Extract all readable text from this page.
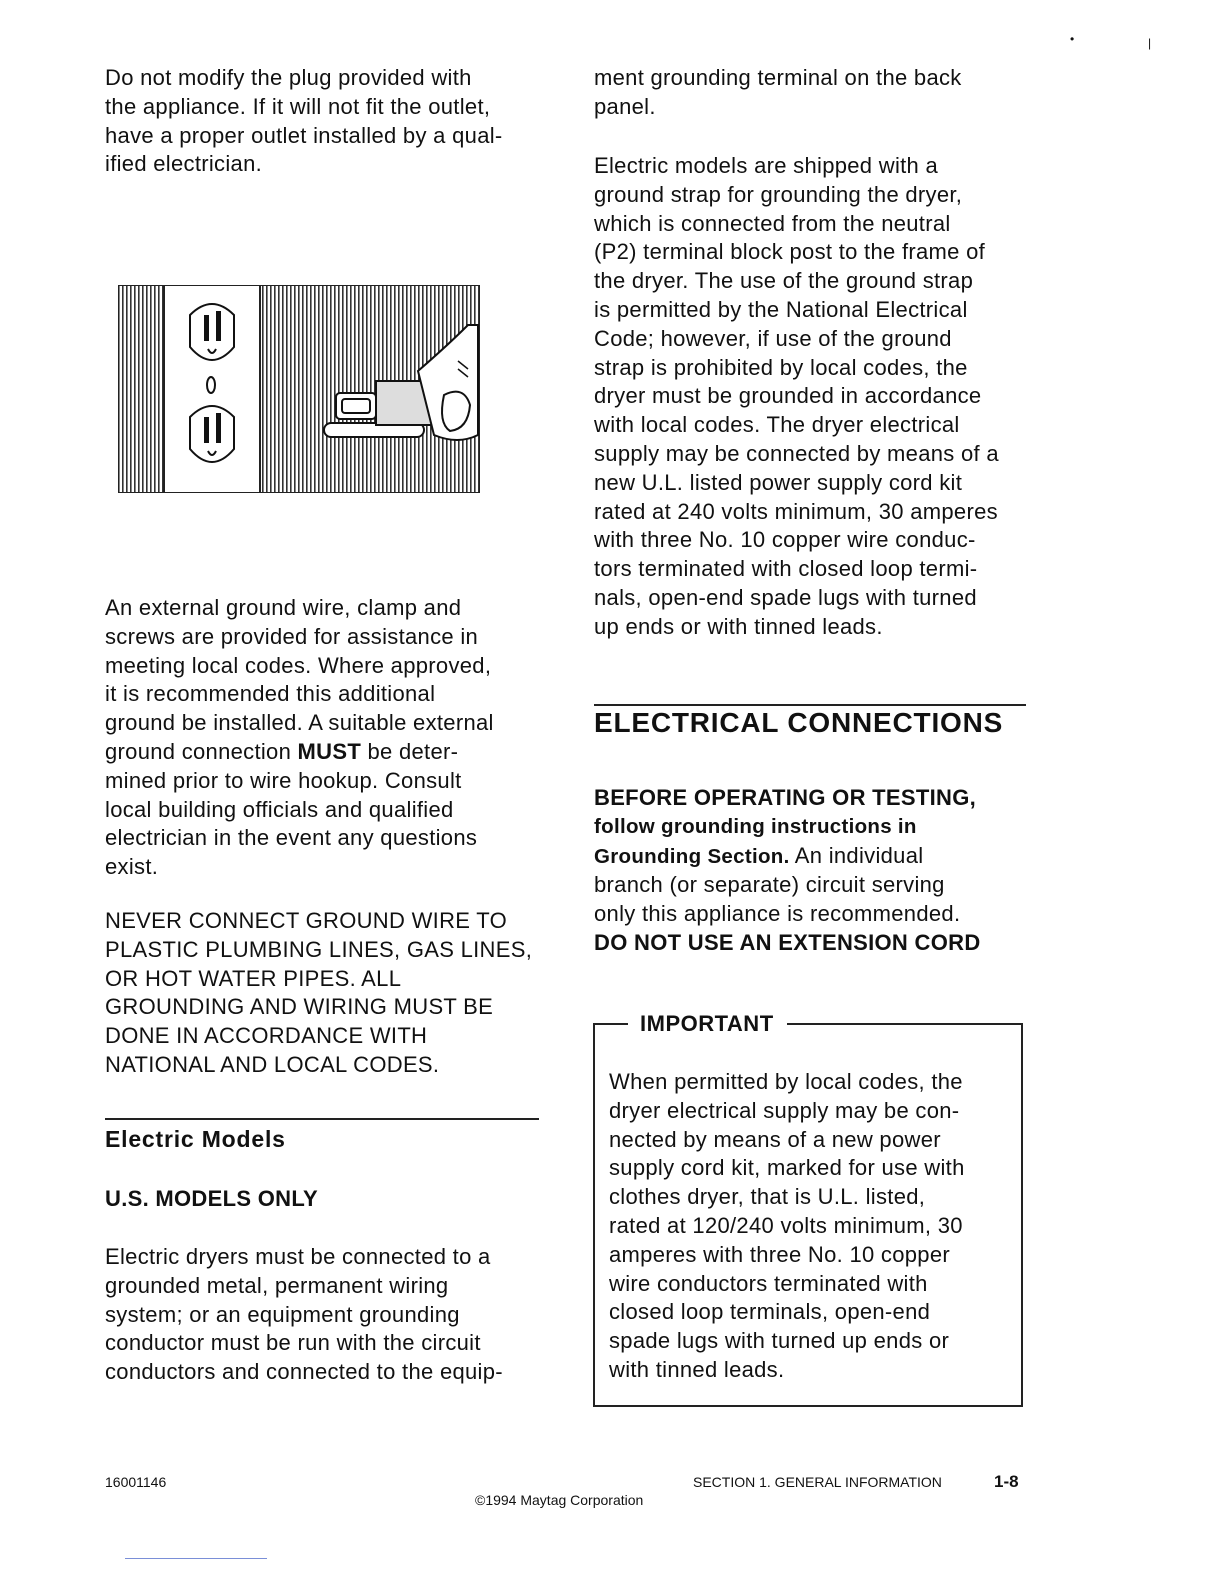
Do not modify the plug provided with
the appliance. If it will not fit the outlet,
have a proper outlet installed by a qual-
ified electrician.
An external ground wire, clamp and
screws are provided for assistance in
meeting local codes. Where approved,
it is recommended this additional
ground be installed. A suitable external
ground connection MUST be deter-
mined prior to wire hookup. Consult
local building officials and qualified
electrician in the event any questions
exist.
NEVER CONNECT GROUND WIRE TO
PLASTIC PLUMBING LINES, GAS LINES,
OR HOT WATER PIPES. ALL
GROUNDING AND WIRING MUST BE
DONE IN ACCORDANCE WITH
NATIONAL AND LOCAL CODES.
Electric Models
U.S. MODELS ONLY
Electric dryers must be connected to a
grounded metal, permanent wiring
system; or an equipment grounding
conductor must be run with the circuit
conductors and connected to the equip-
ment grounding terminal on the back
panel.
Electric models are shipped with a
ground strap for grounding the dryer,
which is connected from the neutral
(P2) terminal block post to the frame of
the dryer. The use of the ground strap
is permitted by the National Electrical
Code; however, if use of the ground
strap is prohibited by local codes, the
dryer must be grounded in accordance
with local codes. The dryer electrical
supply may be connected by means of a
new U.L. listed power supply cord kit
rated at 240 volts minimum, 30 amperes
with three No. 10 copper wire conduc-
tors terminated with closed loop termi-
nals, open-end spade lugs with turned
up ends or with tinned leads.
ELECTRICAL CONNECTIONS
BEFORE OPERATING OR TESTING,
follow grounding instructions in
Grounding Section. An individual
branch (or separate) circuit serving
only this appliance is recommended.
DO NOT USE AN EXTENSION CORD
IMPORTANT
When permitted by local codes, the
dryer electrical supply may be con-
nected by means of a new power
supply cord kit, marked for use with
clothes dryer, that is U.L. listed,
rated at 120/240 volts minimum, 30
amperes with three No. 10 copper
wire conductors terminated with
closed loop terminals, open-end
spade lugs with turned up ends or
with tinned leads.
16001146	SECTION 1. GENERAL INFORMATION	1-8
©1994 Maytag Corporation
•	|
